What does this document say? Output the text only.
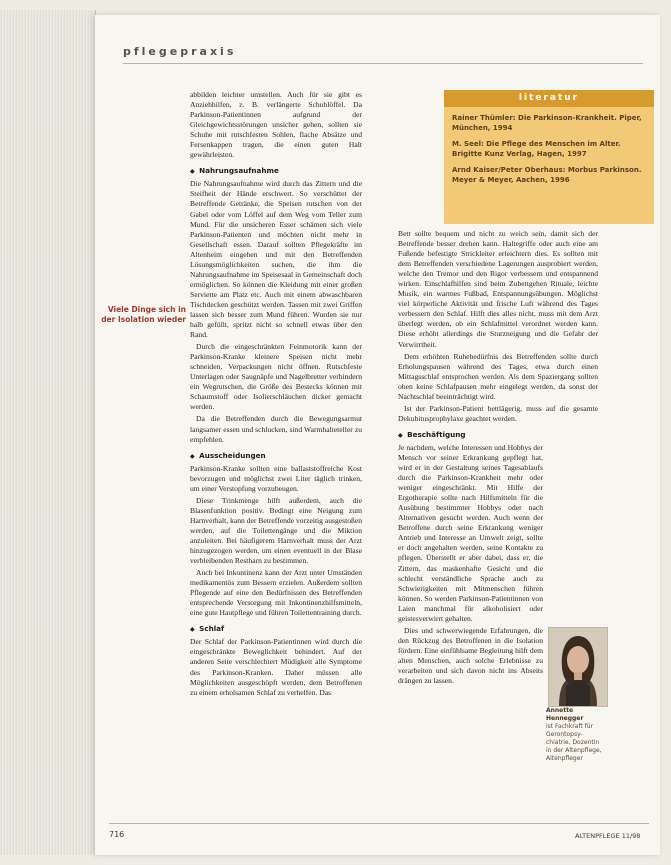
pflegepraxis

abbilden leichter umstellen. Auch für sie gibt es Anziehhilfen, z. B. verlängerte Schuhlöffel. Da Parkinson-Patientinnen aufgrund der Gleichgewichtsstörungen unsicher gehen, sollten sie Schuhe mit rutschfesten Sohlen, flache Absätze und Fersenkappen tragen, die einen guten Halt gewährleisten.

◆ Nahrungsaufnahme

Die Nahrungsaufnahme wird durch das Zittern und die Steifheit der Hände erschwert. So verschüttet der Betreffende Getränke, die Speisen rutschen von der Gabel oder vom Löffel auf dem Weg vom Teller zum Mund. Für die unsicheren Esser schämen sich viele Parkinson-Patienten und möchten nicht mehr in Gesellschaft essen. Darauf sollten Pflegekräfte im Altenheim eingehen und mit den Betreffenden Lösungsmöglichkeiten suchen, die ihm die Nahrungsaufnahme im Speisesaal in Gemeinschaft doch ermöglichen. So können die Kleidung mit einer großen Serviette am Platz etc. Auch mit einem abwaschbaren Tischdecken geschützt werden. Tassen mit zwei Griffen lassen sich besser zum Mund führen. Wurden sie nur halb gefüllt, spritzt nicht so schnell etwas über den Rand.

Durch die eingeschränkten Feinmotorik kann der Parkinson-Kranke kleinere Speisen nicht mehr schneiden, Verpackungen nicht öffnen. Rutschfeste Unterlagen oder Saugnäpfe und Nagelbretter verhindern ein Wegrutschen, die Größe des Bestecks können mit Schaumstoff oder Isolierschläuchen dicker gemacht werden.

Da die Betreffenden durch die Bewegungsarmut langsamer essen und schlucken, sind Warmhalteteller zu empfehlen.

◆ Ausscheidungen

Parkinson-Kranke sollten eine ballaststoffreiche Kost bevorzugen und möglichst zwei Liter täglich trinken, um einer Verstopfung vorzubeugen.

Diese Trinkmenge hilft außerdem, auch die Blasenfunktion positiv. Bedingt eine Neigung zum Harnverhalt, kann der Betreffende vorzeitig ausgestoßen werden, auf die Toilettengänge und die Miktion anzuleiten. Bei häufigerem Harnverhalt muss der Arzt hinzugezogen werden, um einen eventuell in der Blase verbleibenden Restharn zu bestimmen.

Auch bei Inkontinenz kann der Arzt unter Umständen medikamentös zum Bessern erzielen. Außerdem sollten Pflegende auf eine den Bedürfnissen des Betreffenden entsprechende Versorgung mit Inkontinenzhilfsmitteln, eine gute Hautpflege und führen Toilettentraining durch.

◆ Schlaf

Der Schlaf der Parkinson-Patientinnen wird durch die eingeschränkte Beweglichkeit behindert. Auf der anderen Seite verschlechtert Müdigkeit alle Symptome des Parkinson-Kranken. Daher müssen alle Möglichkeiten ausgeschöpft werden, dem Betroffenen zu einem erholsamen Schlaf zu verhelfen. Das

Viele Dinge sich in der Isolation wieder
literatur
Rainer Thümler: Die Parkinson-Krankheit. Piper, München, 1994
M. Seel: Die Pflege des Menschen im Alter. Brigitte Kunz Verlag, Hagen, 1997
Arnd Kaiser/Peter Oberhaus: Morbus Parkinson. Meyer & Meyer, Aachen, 1996

Bett sollte bequem und nicht zu weich sein, damit sich der Betreffende besser drehen kann. Haltegriffe oder auch eine am Fußende befestigte Strickleiter erleichtern dies. Es sollten mit dem Betreffenden verschiedene Lagerungen ausprobiert werden, welche den Tremor und den Rigor verbessern und entspannend wirken. Einschlafhilfen sind beim Zubettgehen Rituale, leichte Musik, ein warmes Fußbad, Entspannungsübungen. Möglichst viel körperliche Aktivität und frische Luft während des Tages verbessern den Schlaf. Hilft dies alles nicht, muss mit dem Arzt überlegt werden, ob ein Schlafmittel verordnet werden kann. Diese erhöht allerdings die Sturzneigung und die Gefahr der Verwirrtheit.

Dem erhöhten Ruhebedürfnis des Betreffenden sollte durch Erholungspausen während des Tages, etwa durch einen Mittagsschlaf entsprochen werden. Als dem Spaziergang sollten oben keine Schlafpausen mehr eingelegt werden, da sonst der Nachtschlaf beeinträchtigt wird.

Ist der Parkinson-Patient bettlägerig, muss auf die gesamte Dekubitusprophylaxe geachtet werden.

◆ Beschäftigung

Je nachdem, welche Interessen und Hobbys der Mensch vor seiner Erkrankung gepflegt hat, wird er in der Gestaltung seines Tagesablaufs durch die Parkinson-Krankheit mehr oder weniger eingeschränkt. Mit Hilfe der Ergotherapie sollte nach Hilfsmitteln für die Ausübung bestimmter Hobbys oder nach Alternativen gesucht werden. Auch wenn der Betroffene durch seine Erkrankung weniger Antrieb und Interesse an Umwelt zeigt, sollte er doch angehalten werden, seine Kontakte zu pflegen. Überstellt er aber dabei, dass er, die Zittern, das maskenhafte Gesicht und die schlecht verständliche Sprache auch zu Schwierigkeiten mit Mitmenschen führen können. So werden Parkinson-Patientinnen von Laien manchmal für alkoholisiert oder geistesverwirrt gehalten.

Dies und schwerwiegende Erfahrungen, die den Rückzug des Betroffenen in die Isolation fördern. Eine einfühlsame Begleitung hilft dem alten Menschen, auch solche Erlebnisse zu verarbeiten und sich davon nicht ins Abseits drängen zu lassen.

Annette Hennegger
ist Fachkraft für
Gerontopsy-
chiatrie, Dozentin
in der Altenpflege,
Altenpfleger
716	ALTENPFLEGE 11/98
